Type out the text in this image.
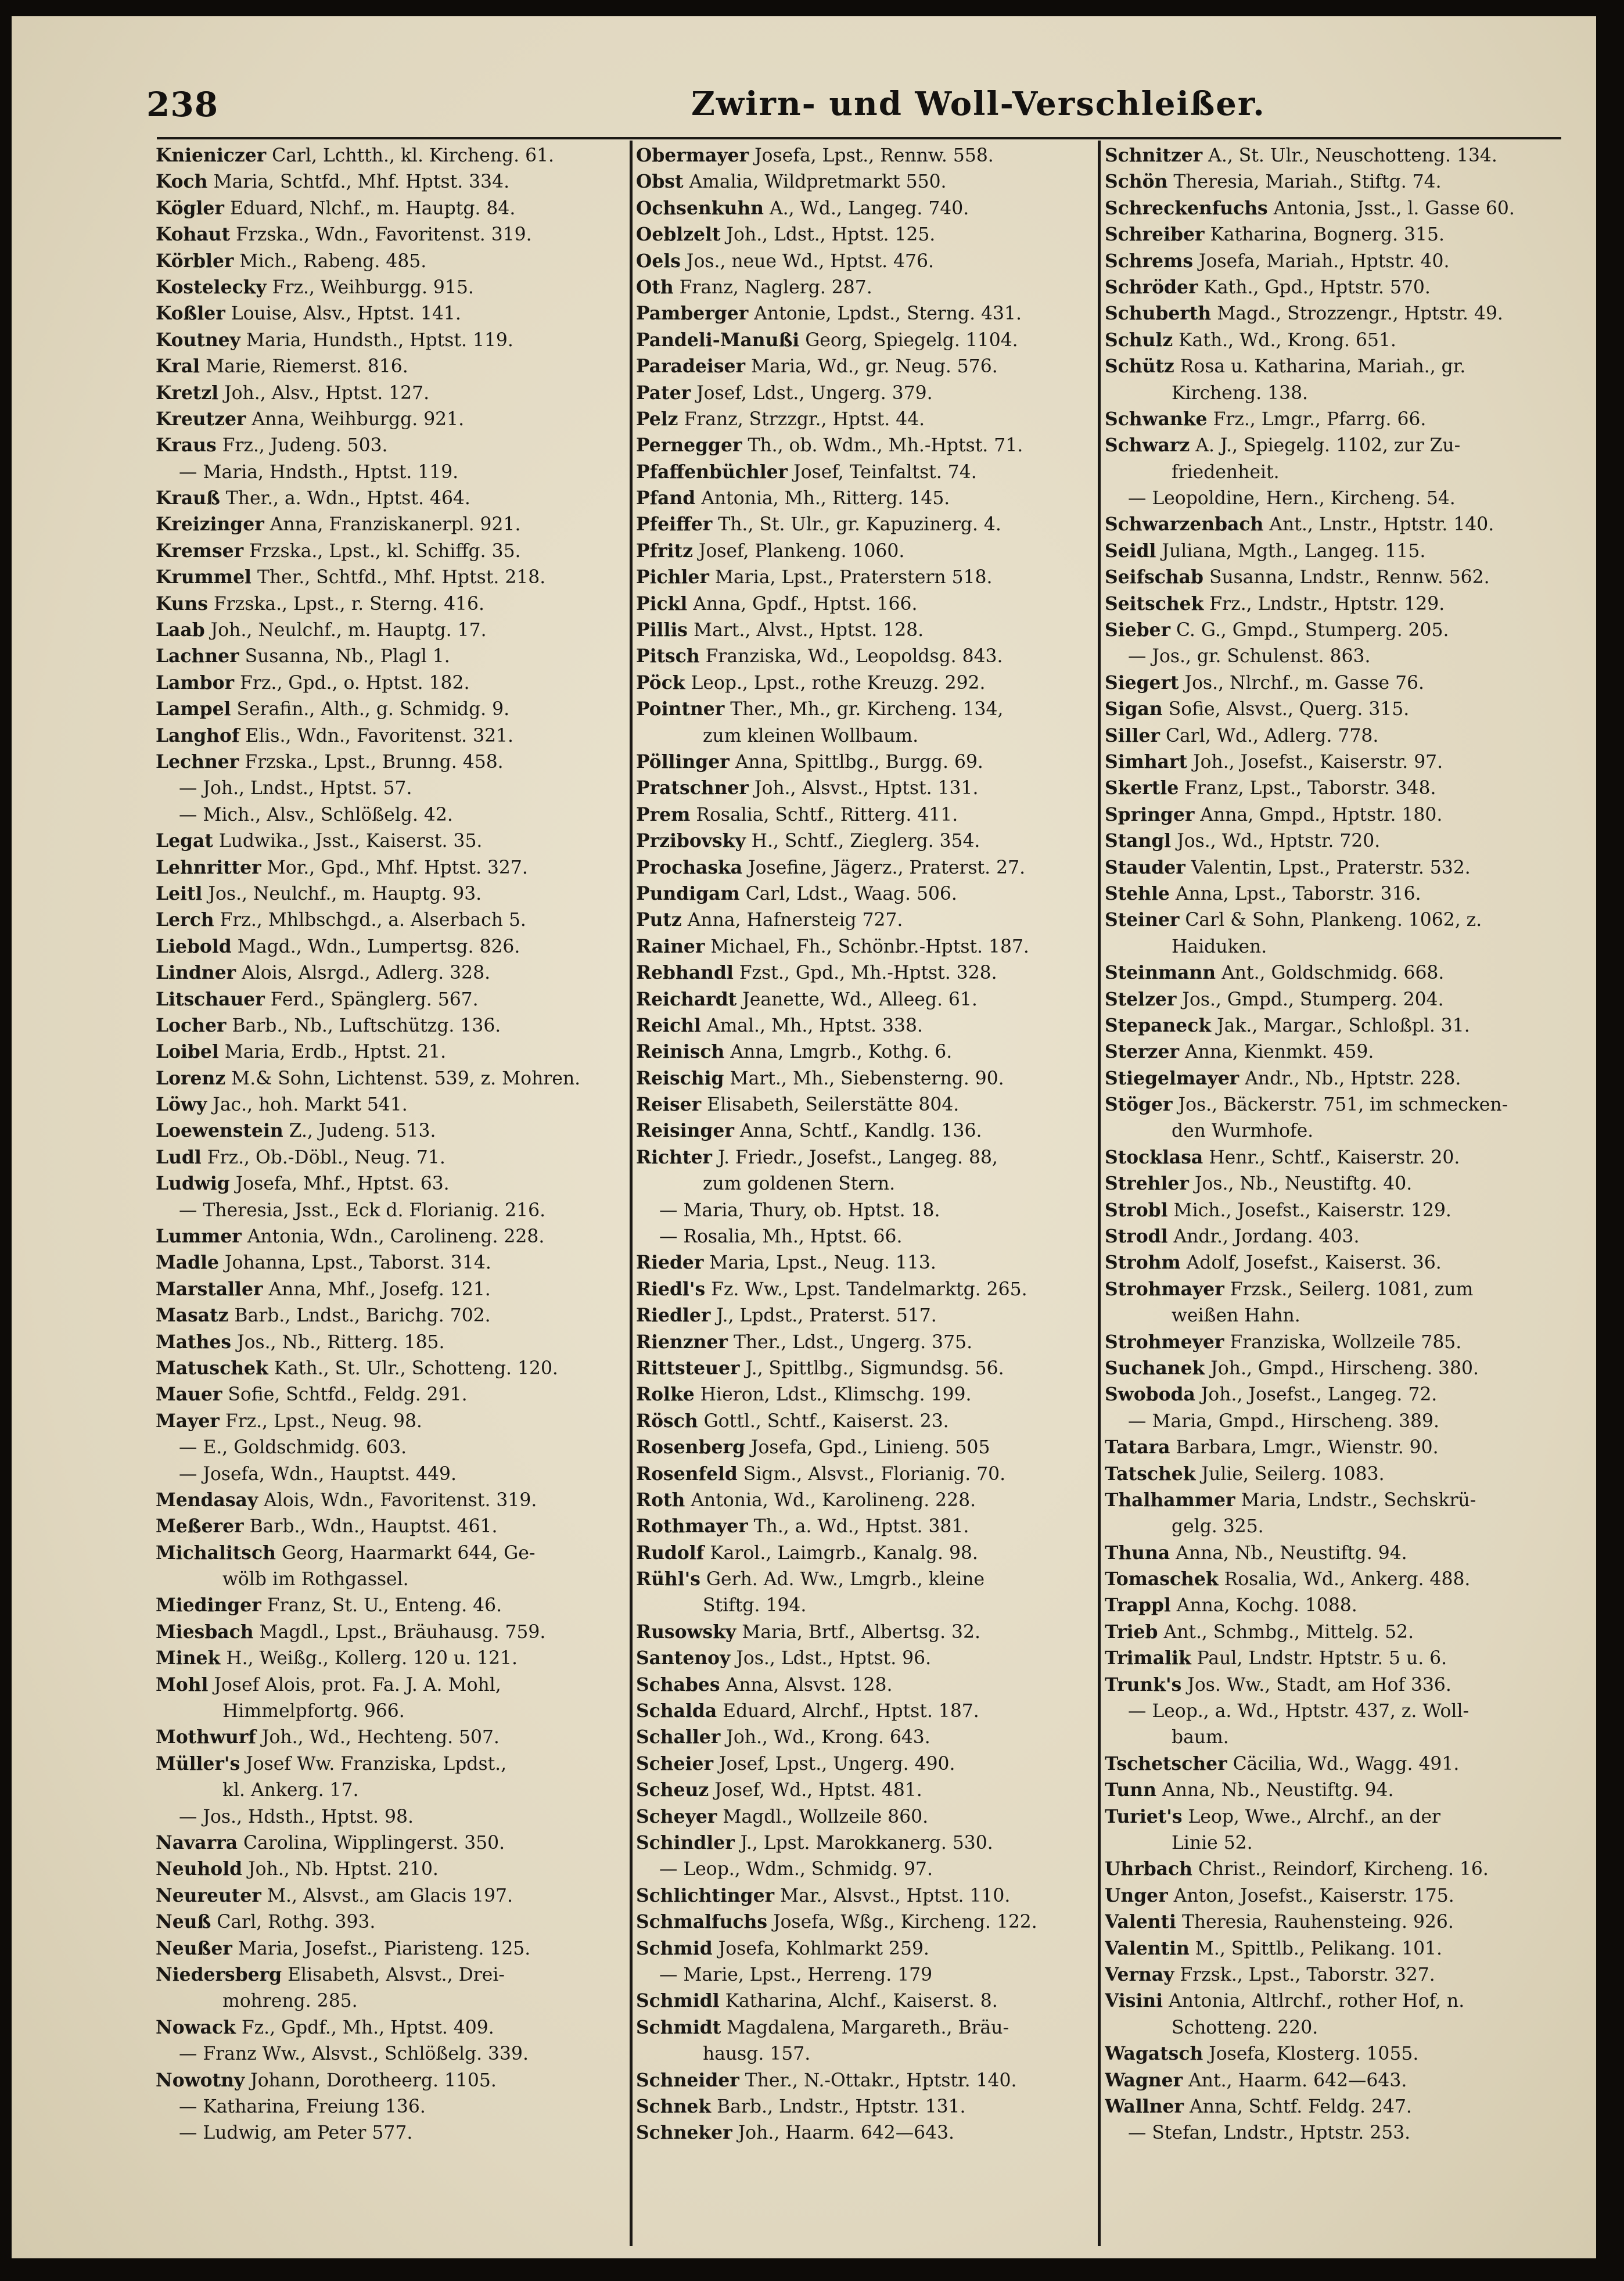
238	Zwirn- und Woll-Verschleißer.
Knieniczer Carl, Lchtth., kl. Kircheng. 61.
Koch Maria, Schtfd., Mhf. Hptst. 334.
Kögler Eduard, Nlchf., m. Hauptg. 84.
Kohaut Frzska., Wdn., Favoritenst. 319.
Körbler Mich., Rabeng. 485.
Kostelecky Frz., Weihburgg. 915.
Koßler Louise, Alsv., Hptst. 141.
Koutney Maria, Hundsth., Hptst. 119.
Kral Marie, Riemerst. 816.
Kretzl Joh., Alsv., Hptst. 127.
Kreutzer Anna, Weihburgg. 921.
Kraus Frz., Judeng. 503.
— Maria, Hndsth., Hptst. 119.
Krauß Ther., a. Wdn., Hptst. 464.
Kreizinger Anna, Franziskanerpl. 921.
Kremser Frzska., Lpst., kl. Schiffg. 35.
Krummel Ther., Schtfd., Mhf. Hptst. 218.
Kuns Frzska., Lpst., r. Sterng. 416.
Laab Joh., Neulchf., m. Hauptg. 17.
Lachner Susanna, Nb., Plagl 1.
Lambor Frz., Gpd., o. Hptst. 182.
Lampel Serafin., Alth., g. Schmidg. 9.
Langhof Elis., Wdn., Favoritenst. 321.
Lechner Frzska., Lpst., Brunng. 458.
— Joh., Lndst., Hptst. 57.
— Mich., Alsv., Schlößelg. 42.
Legat Ludwika., Jsst., Kaiserst. 35.
Lehnritter Mor., Gpd., Mhf. Hptst. 327.
Leitl Jos., Neulchf., m. Hauptg. 93.
Lerch Frz., Mhlbschgd., a. Alserbach 5.
Liebold Magd., Wdn., Lumpertsg. 826.
Lindner Alois, Alsrgd., Adlerg. 328.
Litschauer Ferd., Spänglerg. 567.
Locher Barb., Nb., Luftschützg. 136.
Loibel Maria, Erdb., Hptst. 21.
Lorenz M.& Sohn, Lichtenst. 539, z. Mohren.
Löwy Jac., hoh. Markt 541.
Loewenstein Z., Judeng. 513.
Ludl Frz., Ob.-Döbl., Neug. 71.
Ludwig Josefa, Mhf., Hptst. 63.
— Theresia, Jsst., Eck d. Florianig. 216.
Lummer Antonia, Wdn., Carolineng. 228.
Madle Johanna, Lpst., Taborst. 314.
Marstaller Anna, Mhf., Josefg. 121.
Masatz Barb., Lndst., Barichg. 702.
Mathes Jos., Nb., Ritterg. 185.
Matuschek Kath., St. Ulr., Schotteng. 120.
Mauer Sofie, Schtfd., Feldg. 291.
Mayer Frz., Lpst., Neug. 98.
— E., Goldschmidg. 603.
— Josefa, Wdn., Hauptst. 449.
Mendasay Alois, Wdn., Favoritenst. 319.
Meßerer Barb., Wdn., Hauptst. 461.
Michalitsch Georg, Haarmarkt 644, Ge-
wölb im Rothgassel.
Miedinger Franz, St. U., Enteng. 46.
Miesbach Magdl., Lpst., Bräuhausg. 759.
Minek H., Weißg., Kollerg. 120 u. 121.
Mohl Josef Alois, prot. Fa. J. A. Mohl,
Himmelpfortg. 966.
Mothwurf Joh., Wd., Hechteng. 507.
Müller's Josef Ww. Franziska, Lpdst.,
kl. Ankerg. 17.
— Jos., Hdsth., Hptst. 98.
Navarra Carolina, Wipplingerst. 350.
Neuhold Joh., Nb. Hptst. 210.
Neureuter M., Alsvst., am Glacis 197.
Neuß Carl, Rothg. 393.
Neußer Maria, Josefst., Piaristeng. 125.
Niedersberg Elisabeth, Alsvst., Drei-
mohreng. 285.
Nowack Fz., Gpdf., Mh., Hptst. 409.
— Franz Ww., Alsvst., Schlößelg. 339.
Nowotny Johann, Dorotheerg. 1105.
— Katharina, Freiung 136.
— Ludwig, am Peter 577.
Obermayer Josefa, Lpst., Rennw. 558.
Obst Amalia, Wildpretmarkt 550.
Ochsenkuhn A., Wd., Langeg. 740.
Oeblzelt Joh., Ldst., Hptst. 125.
Oels Jos., neue Wd., Hptst. 476.
Oth Franz, Naglerg. 287.
Pamberger Antonie, Lpdst., Sterng. 431.
Pandeli-Manußi Georg, Spiegelg. 1104.
Paradeiser Maria, Wd., gr. Neug. 576.
Pater Josef, Ldst., Ungerg. 379.
Pelz Franz, Strzzgr., Hptst. 44.
Pernegger Th., ob. Wdm., Mh.-Hptst. 71.
Pfaffenbüchler Josef, Teinfaltst. 74.
Pfand Antonia, Mh., Ritterg. 145.
Pfeiffer Th., St. Ulr., gr. Kapuzinerg. 4.
Pfritz Josef, Plankeng. 1060.
Pichler Maria, Lpst., Praterstern 518.
Pickl Anna, Gpdf., Hptst. 166.
Pillis Mart., Alvst., Hptst. 128.
Pitsch Franziska, Wd., Leopoldsg. 843.
Pöck Leop., Lpst., rothe Kreuzg. 292.
Pointner Ther., Mh., gr. Kircheng. 134,
zum kleinen Wollbaum.
Pöllinger Anna, Spittlbg., Burgg. 69.
Pratschner Joh., Alsvst., Hptst. 131.
Prem Rosalia, Schtf., Ritterg. 411.
Przibovsky H., Schtf., Zieglerg. 354.
Prochaska Josefine, Jägerz., Praterst. 27.
Pundigam Carl, Ldst., Waag. 506.
Putz Anna, Hafnersteig 727.
Rainer Michael, Fh., Schönbr.-Hptst. 187.
Rebhandl Fzst., Gpd., Mh.-Hptst. 328.
Reichardt Jeanette, Wd., Alleeg. 61.
Reichl Amal., Mh., Hptst. 338.
Reinisch Anna, Lmgrb., Kothg. 6.
Reischig Mart., Mh., Siebensterng. 90.
Reiser Elisabeth, Seilerstätte 804.
Reisinger Anna, Schtf., Kandlg. 136.
Richter J. Friedr., Josefst., Langeg. 88,
zum goldenen Stern.
— Maria, Thury, ob. Hptst. 18.
— Rosalia, Mh., Hptst. 66.
Rieder Maria, Lpst., Neug. 113.
Riedl's Fz. Ww., Lpst. Tandelmarktg. 265.
Riedler J., Lpdst., Praterst. 517.
Rienzner Ther., Ldst., Ungerg. 375.
Rittsteuer J., Spittlbg., Sigmundsg. 56.
Rolke Hieron, Ldst., Klimschg. 199.
Rösch Gottl., Schtf., Kaiserst. 23.
Rosenberg Josefa, Gpd., Linieng. 505
Rosenfeld Sigm., Alsvst., Florianig. 70.
Roth Antonia, Wd., Karolineng. 228.
Rothmayer Th., a. Wd., Hptst. 381.
Rudolf Karol., Laimgrb., Kanalg. 98.
Rühl's Gerh. Ad. Ww., Lmgrb., kleine
Stiftg. 194.
Rusowsky Maria, Brtf., Albertsg. 32.
Santenoy Jos., Ldst., Hptst. 96.
Schabes Anna, Alsvst. 128.
Schalda Eduard, Alrchf., Hptst. 187.
Schaller Joh., Wd., Krong. 643.
Scheier Josef, Lpst., Ungerg. 490.
Scheuz Josef, Wd., Hptst. 481.
Scheyer Magdl., Wollzeile 860.
Schindler J., Lpst. Marokkanerg. 530.
— Leop., Wdm., Schmidg. 97.
Schlichtinger Mar., Alsvst., Hptst. 110.
Schmalfuchs Josefa, Wßg., Kircheng. 122.
Schmid Josefa, Kohlmarkt 259.
— Marie, Lpst., Herreng. 179
Schmidl Katharina, Alchf., Kaiserst. 8.
Schmidt Magdalena, Margareth., Bräu-
hausg. 157.
Schneider Ther., N.-Ottakr., Hptstr. 140.
Schnek Barb., Lndstr., Hptstr. 131.
Schneker Joh., Haarm. 642—643.
Schnitzer A., St. Ulr., Neuschotteng. 134.
Schön Theresia, Mariah., Stiftg. 74.
Schreckenfuchs Antonia, Jsst., l. Gasse 60.
Schreiber Katharina, Bognerg. 315.
Schrems Josefa, Mariah., Hptstr. 40.
Schröder Kath., Gpd., Hptstr. 570.
Schuberth Magd., Strozzengr., Hptstr. 49.
Schulz Kath., Wd., Krong. 651.
Schütz Rosa u. Katharina, Mariah., gr.
Kircheng. 138.
Schwanke Frz., Lmgr., Pfarrg. 66.
Schwarz A. J., Spiegelg. 1102, zur Zu-
friedenheit.
— Leopoldine, Hern., Kircheng. 54.
Schwarzenbach Ant., Lnstr., Hptstr. 140.
Seidl Juliana, Mgth., Langeg. 115.
Seifschab Susanna, Lndstr., Rennw. 562.
Seitschek Frz., Lndstr., Hptstr. 129.
Sieber C. G., Gmpd., Stumperg. 205.
— Jos., gr. Schulenst. 863.
Siegert Jos., Nlrchf., m. Gasse 76.
Sigan Sofie, Alsvst., Querg. 315.
Siller Carl, Wd., Adlerg. 778.
Simhart Joh., Josefst., Kaiserstr. 97.
Skertle Franz, Lpst., Taborstr. 348.
Springer Anna, Gmpd., Hptstr. 180.
Stangl Jos., Wd., Hptstr. 720.
Stauder Valentin, Lpst., Praterstr. 532.
Stehle Anna, Lpst., Taborstr. 316.
Steiner Carl & Sohn, Plankeng. 1062, z.
Haiduken.
Steinmann Ant., Goldschmidg. 668.
Stelzer Jos., Gmpd., Stumperg. 204.
Stepaneck Jak., Margar., Schloßpl. 31.
Sterzer Anna, Kienmkt. 459.
Stiegelmayer Andr., Nb., Hptstr. 228.
Stöger Jos., Bäckerstr. 751, im schmecken-
den Wurmhofe.
Stocklasa Henr., Schtf., Kaiserstr. 20.
Strehler Jos., Nb., Neustiftg. 40.
Strobl Mich., Josefst., Kaiserstr. 129.
Strodl Andr., Jordang. 403.
Strohm Adolf, Josefst., Kaiserst. 36.
Strohmayer Frzsk., Seilerg. 1081, zum
weißen Hahn.
Strohmeyer Franziska, Wollzeile 785.
Suchanek Joh., Gmpd., Hirscheng. 380.
Swoboda Joh., Josefst., Langeg. 72.
— Maria, Gmpd., Hirscheng. 389.
Tatara Barbara, Lmgr., Wienstr. 90.
Tatschek Julie, Seilerg. 1083.
Thalhammer Maria, Lndstr., Sechskrü-
gelg. 325.
Thuna Anna, Nb., Neustiftg. 94.
Tomaschek Rosalia, Wd., Ankerg. 488.
Trappl Anna, Kochg. 1088.
Trieb Ant., Schmbg., Mittelg. 52.
Trimalik Paul, Lndstr. Hptstr. 5 u. 6.
Trunk's Jos. Ww., Stadt, am Hof 336.
— Leop., a. Wd., Hptstr. 437, z. Woll-
baum.
Tschetscher Cäcilia, Wd., Wagg. 491.
Tunn Anna, Nb., Neustiftg. 94.
Turiet's Leop, Wwe., Alrchf., an der
Linie 52.
Uhrbach Christ., Reindorf, Kircheng. 16.
Unger Anton, Josefst., Kaiserstr. 175.
Valenti Theresia, Rauhensteing. 926.
Valentin M., Spittlb., Pelikang. 101.
Vernay Frzsk., Lpst., Taborstr. 327.
Visini Antonia, Altlrchf., rother Hof, n.
Schotteng. 220.
Wagatsch Josefa, Klosterg. 1055.
Wagner Ant., Haarm. 642—643.
Wallner Anna, Schtf. Feldg. 247.
— Stefan, Lndstr., Hptstr. 253.
